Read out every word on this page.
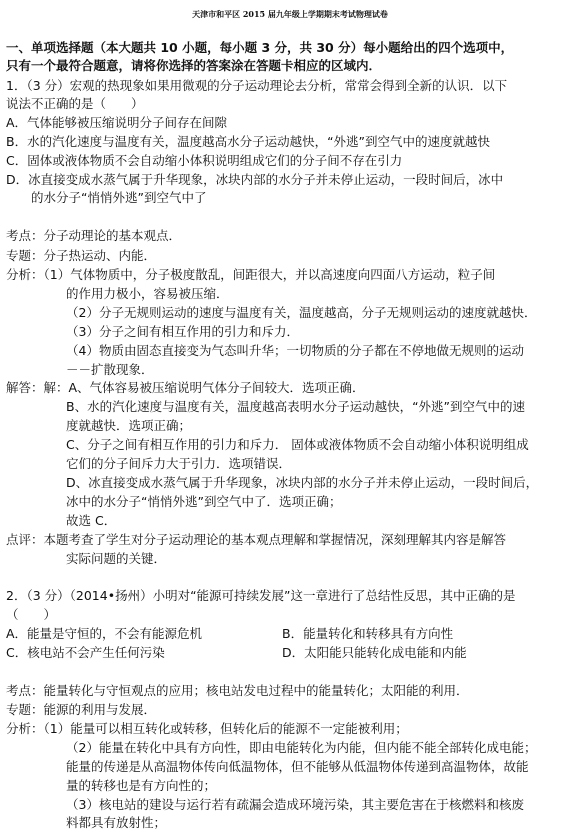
天津市和平区 2015 届九年级上学期期末考试物理试卷
一、单项选择题（本大题共 10 小题，每小题 3 分，共 30 分）每小题给出的四个选项中，
只有一个最符合题意，请将你选择的答案涂在答题卡相应的区域内．
1．（3 分）宏观的热现象如果用微观的分子运动理论去分析，常常会得到全新的认识．以下
说法不正确的是（　　）
A．气体能够被压缩说明分子间存在间隙
B．水的汽化速度与温度有关，温度越高水分子运动越快，“外逃”到空气中的速度就越快
C．固体或液体物质不会自动缩小体积说明组成它们的分子间不存在引力
D．冰直接变成水蒸气属于升华现象，冰块内部的水分子并未停止运动，一段时间后，冰中
　　的水分子“悄悄外逃”到空气中了
考点：分子动理论的基本观点．
专题：分子热运动、内能．
分析：（1）气体物质中，分子极度散乱，间距很大，并以高速度向四面八方运动，粒子间
的作用力极小，容易被压缩．
（2）分子无规则运动的速度与温度有关，温度越高，分子无规则运动的速度就越快．
（3）分子之间有相互作用的引力和斥力．
（4）物质由固态直接变为气态叫升华；一切物质的分子都在不停地做无规则的运动
－－扩散现象．
解答：解：A、气体容易被压缩说明气体分子间较大．选项正确．
B、水的汽化速度与温度有关，温度越高表明水分子运动越快，“外逃”到空气中的速
度就越快．选项正确；
C、分子之间有相互作用的引力和斥力． 固体或液体物质不会自动缩小体积说明组成
它们的分子间斥力大于引力．选项错误．
D、冰直接变成水蒸气属于升华现象，冰块内部的水分子并未停止运动，一段时间后，
冰中的水分子“悄悄外逃”到空气中了．选项正确；
故选 C．
点评：本题考查了学生对分子运动理论的基本观点理解和掌握情况，深刻理解其内容是解答
实际问题的关键．
2．（3 分）（2014•扬州）小明对“能源可持续发展”这一章进行了总结性反思，其中正确的是
（　　）
A．能量是守恒的，不会有能源危机	B．能量转化和转移具有方向性
C．核电站不会产生任何污染	D．太阳能只能转化成电能和内能
考点：能量转化与守恒观点的应用；核电站发电过程中的能量转化；太阳能的利用．
专题：能源的利用与发展．
分析：（1）能量可以相互转化或转移，但转化后的能源不一定能被利用；
（2）能量在转化中具有方向性，即由电能转化为内能，但内能不能全部转化成电能；
能量的传递是从高温物体传向低温物体，但不能够从低温物体传递到高温物体，故能
量的转移也是有方向性的；
（3）核电站的建设与运行若有疏漏会造成环境污染，其主要危害在于核燃料和核废
料都具有放射性；
